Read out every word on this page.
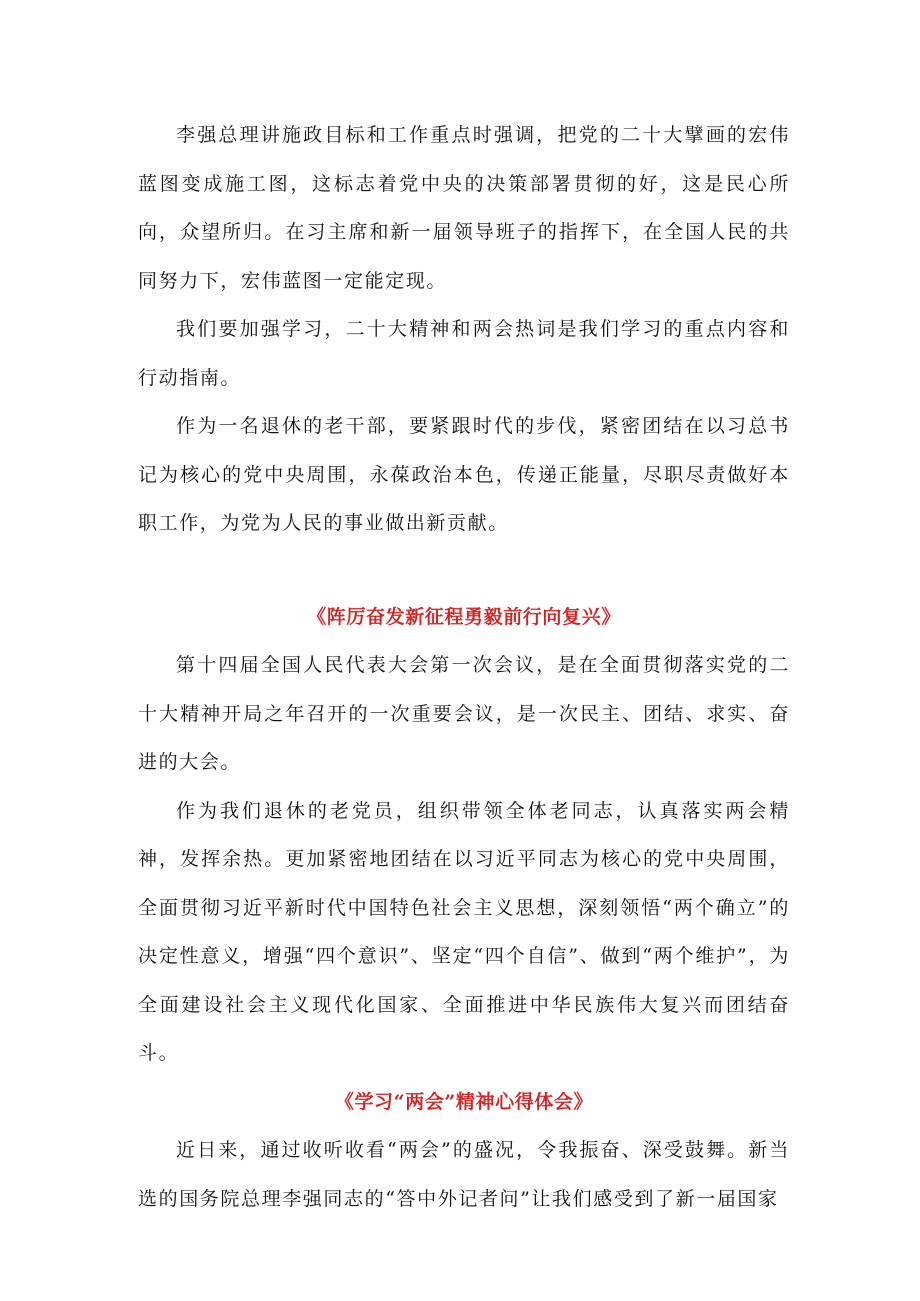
李强总理讲施政目标和工作重点时强调，把党的二十大擘画的宏伟蓝图变成施工图，这标志着党中央的决策部署贯彻的好，这是民心所向，众望所归。在习主席和新一届领导班子的指挥下，在全国人民的共同努力下，宏伟蓝图一定能定现。

我们要加强学习，二十大精神和两会热词是我们学习的重点内容和行动指南。

作为一名退休的老干部，要紧跟时代的步伐，紧密团结在以习总书记为核心的党中央周围，永葆政治本色，传递正能量，尽职尽责做好本职工作，为党为人民的事业做出新贡献。

《阵厉奋发新征程勇毅前行向复兴》

第十四届全国人民代表大会第一次会议，是在全面贯彻落实党的二十大精神开局之年召开的一次重要会议，是一次民主、团结、求实、奋进的大会。

作为我们退休的老党员，组织带领全体老同志，认真落实两会精神，发挥余热。更加紧密地团结在以习近平同志为核心的党中央周围，全面贯彻习近平新时代中国特色社会主义思想，深刻领悟“两个确立”的决定性意义，增强“四个意识”、坚定“四个自信”、做到“两个维护”，为全面建设社会主义现代化国家、全面推进中华民族伟大复兴而团结奋斗。

《学习“两会”精神心得体会》

近日来，通过收听收看“两会”的盛况，令我振奋、深受鼓舞。新当选的国务院总理李强同志的“答中外记者问”让我们感受到了新一届国家
